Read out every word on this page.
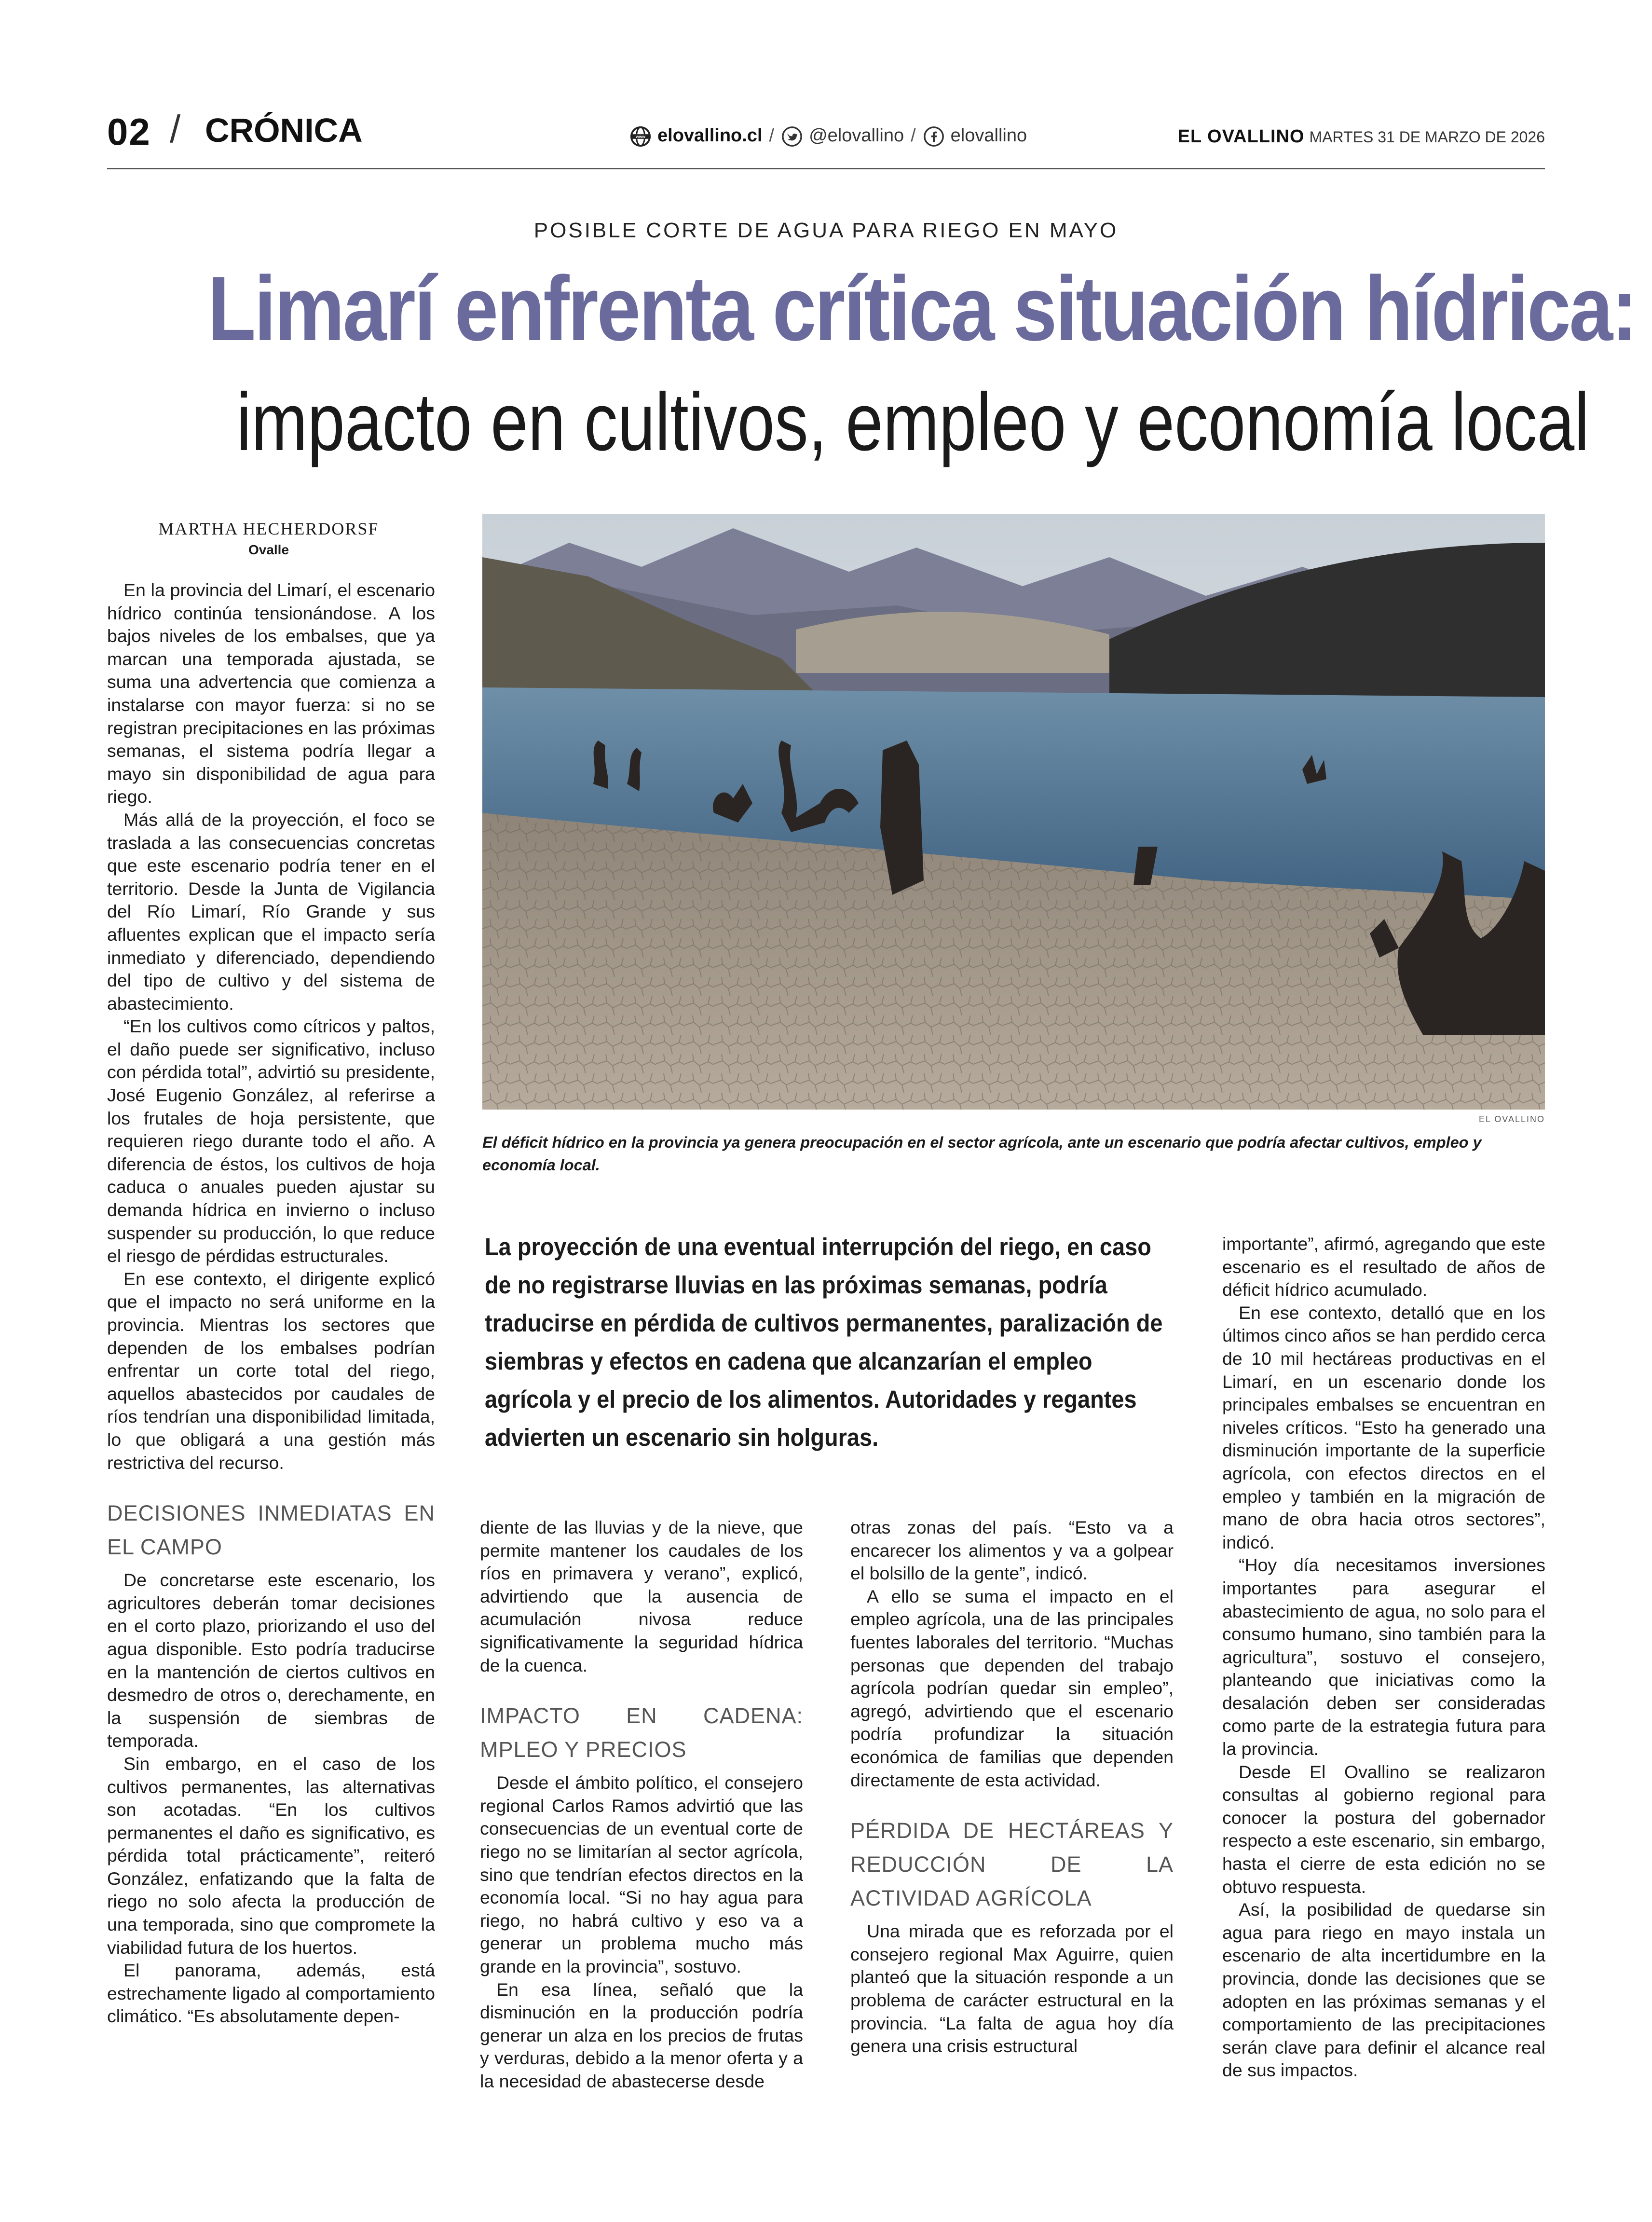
02 / CRÓNICA	www elovallino.cl / @elovallino / elovallino	EL OVALLINO MARTES 31 DE MARZO DE 2026
POSIBLE CORTE DE AGUA PARA RIEGO EN MAYO
Limarí enfrenta crítica situación hídrica:
impacto en cultivos, empleo y economía local
MARTHA HECHERDORSF
Ovalle

En la provincia del Limarí, el escenario hídrico continúa tensionándose. A los bajos niveles de los embalses, que ya marcan una temporada ajustada, se suma una advertencia que comienza a instalarse con mayor fuerza: si no se registran precipitaciones en las próximas semanas, el sistema podría llegar a mayo sin disponibilidad de agua para riego.

Más allá de la proyección, el foco se traslada a las consecuencias concretas que este escenario podría tener en el territorio. Desde la Junta de Vigilancia del Río Limarí, Río Grande y sus afluentes explican que el impacto sería inmediato y diferenciado, dependiendo del tipo de cultivo y del sistema de abastecimiento.

“En los cultivos como cítricos y paltos, el daño puede ser significativo, incluso con pérdida total”, advirtió su presidente, José Eugenio González, al referirse a los frutales de hoja persistente, que requieren riego durante todo el año. A diferencia de éstos, los cultivos de hoja caduca o anuales pueden ajustar su demanda hídrica en invierno o incluso suspender su producción, lo que reduce el riesgo de pérdidas estructurales.

En ese contexto, el dirigente explicó que el impacto no será uniforme en la provincia. Mientras los sectores que dependen de los embalses podrían enfrentar un corte total del riego, aquellos abastecidos por caudales de ríos tendrían una disponibilidad limitada, lo que obligará a una gestión más restrictiva del recurso.

DECISIONES INMEDIATAS EN EL CAMPO

De concretarse este escenario, los agricultores deberán tomar decisiones en el corto plazo, priorizando el uso del agua disponible. Esto podría traducirse en la mantención de ciertos cultivos en desmedro de otros o, derechamente, en la suspensión de siembras de temporada.

Sin embargo, en el caso de los cultivos permanentes, las alternativas son acotadas. “En los cultivos permanentes el daño es significativo, es pérdida total prácticamente”, reiteró González, enfatizando que la falta de riego no solo afecta la producción de una temporada, sino que compromete la viabilidad futura de los huertos.

El panorama, además, está estrechamente ligado al comportamiento climático. “Es absolutamente depen-

EL OVALLINO
El déficit hídrico en la provincia ya genera preocupación en el sector agrícola, ante un escenario que podría afectar cultivos, empleo y economía local.
La proyección de una eventual interrupción del riego, en caso de no registrarse lluvias en las próximas semanas, podría traducirse en pérdida de cultivos permanentes, paralización de siembras y efectos en cadena que alcanzarían el empleo agrícola y el precio de los alimentos. Autoridades y regantes advierten un escenario sin holguras.

diente de las lluvias y de la nieve, que permite mantener los caudales de los ríos en primavera y verano”, explicó, advirtiendo que la ausencia de acumulación nivosa reduce significativamente la seguridad hídrica de la cuenca.

IMPACTO EN CADENA: MPLEO Y PRECIOS

Desde el ámbito político, el consejero regional Carlos Ramos advirtió que las consecuencias de un eventual corte de riego no se limitarían al sector agrícola, sino que tendrían efectos directos en la economía local. “Si no hay agua para riego, no habrá cultivo y eso va a generar un problema mucho más grande en la provincia”, sostuvo.

En esa línea, señaló que la disminución en la producción podría generar un alza en los precios de frutas y verduras, debido a la menor oferta y a la necesidad de abastecerse desde

otras zonas del país. “Esto va a encarecer los alimentos y va a golpear el bolsillo de la gente”, indicó.

A ello se suma el impacto en el empleo agrícola, una de las principales fuentes laborales del territorio. “Muchas personas que dependen del trabajo agrícola podrían quedar sin empleo”, agregó, advirtiendo que el escenario podría profundizar la situación económica de familias que dependen directamente de esta actividad.

PÉRDIDA DE HECTÁREAS Y REDUCCIÓN DE LA ACTIVIDAD AGRÍCOLA

Una mirada que es reforzada por el consejero regional Max Aguirre, quien planteó que la situación responde a un problema de carácter estructural en la provincia. “La falta de agua hoy día genera una crisis estructural

importante”, afirmó, agregando que este escenario es el resultado de años de déficit hídrico acumulado.

En ese contexto, detalló que en los últimos cinco años se han perdido cerca de 10 mil hectáreas productivas en el Limarí, en un escenario donde los principales embalses se encuentran en niveles críticos. “Esto ha generado una disminución importante de la superficie agrícola, con efectos directos en el empleo y también en la migración de mano de obra hacia otros sectores”, indicó.

“Hoy día necesitamos inversiones importantes para asegurar el abastecimiento de agua, no solo para el consumo humano, sino también para la agricultura”, sostuvo el consejero, planteando que iniciativas como la desalación deben ser consideradas como parte de la estrategia futura para la provincia.

Desde El Ovallino se realizaron consultas al gobierno regional para conocer la postura del gobernador respecto a este escenario, sin embargo, hasta el cierre de esta edición no se obtuvo respuesta.

Así, la posibilidad de quedarse sin agua para riego en mayo instala un escenario de alta incertidumbre en la provincia, donde las decisiones que se adopten en las próximas semanas y el comportamiento de las precipitaciones serán clave para definir el alcance real de sus impactos.
